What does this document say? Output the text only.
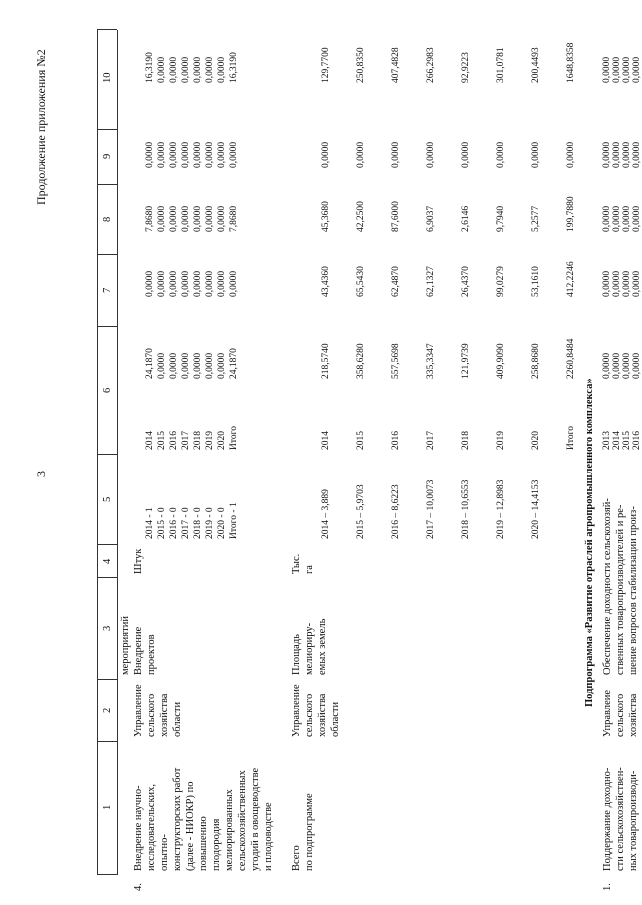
3
Продолжение приложения №2
1
2
3
4
5
6
7
8
9
10
4.
Внедрение научно-
исследовательских,
опытно-
конструкторских работ
(далее - НИОКР) по
повышению
плодородия
мелиорированных
сельскохозяйственных
угодий в овощеводстве
и плодоводстве
Управление
сельского
хозяйства
области
мероприятий Внедрение
проектов
Штук
2014 - 1
2015 - 0
2016 - 0
2017 - 0
2018 - 0
2019 - 0
2020 - 0
Итого - 1
2014
2015
2016
2017
2018
2019
2020
Итого
24,1870
0,0000
0,0000
0,0000
0,0000
0,0000
0,0000
24,1870
0,0000
0,0000
0,0000
0,0000
0,0000
0,0000
0,0000
0,0000
7,8680
0,0000
0,0000
0,0000
0,0000
0,0000
0,0000
7,8680
0,0000
0,0000
0,0000
0,0000
0,0000
0,0000
0,0000
0,0000
16,3190
0,0000
0,0000
0,0000
0,0000
0,0000
0,0000
16,3190
Всего
по подпрограмме
Управление
сельского
хозяйства
области
Площадь
мелиориру-
емых земель
Тыс.
га
2014 – 3,889
2014
218,5740
43,4360
45,3680
0,0000
129,7700
2015 – 5,9703
2015
358,6280
65,5430
42,2500
0,0000
250,8350
2016 – 8,6223
2016
557,5698
62,4870
87,6000
0,0000
407,4828
2017 – 10,0073
2017
335,3347
62,1327
6,9037
0,0000
266,2983
2018 – 10,6553
2018
121,9739
26,4370
2,6146
0,0000
92,9223
2019 – 12,8983
2019
409,9090
99,0279
9,7940
0,0000
301,0781
2020 – 14,4153
2020
258,8680
53,1610
5,2577
0,0000
200,4493
Итого
2260,8484
412,2246
199,7880
0,0000
1648,8358
Подпрограмма «Развитие отраслей агропромышленного комплекса»
1.
Поддержание доходно-
сти сельскохозяйствен-
ных товаропроизводи-
Управлеие
сельского
хозяйства
Обеспечение доходности сельскохозяй-
ственных товаропроизводителей и ре-
шение вопросов стабилизации произ-
2013
2014
2015
2016
0,0000
0,0000
0,0000
0,0000
0,0000
0,0000
0,0000
0,0000
0,0000
0,0000
0,0000
0,0000
0,0000
0,0000
0,0000
0,0000
0,0000
0,0000
0,0000
0,0000
